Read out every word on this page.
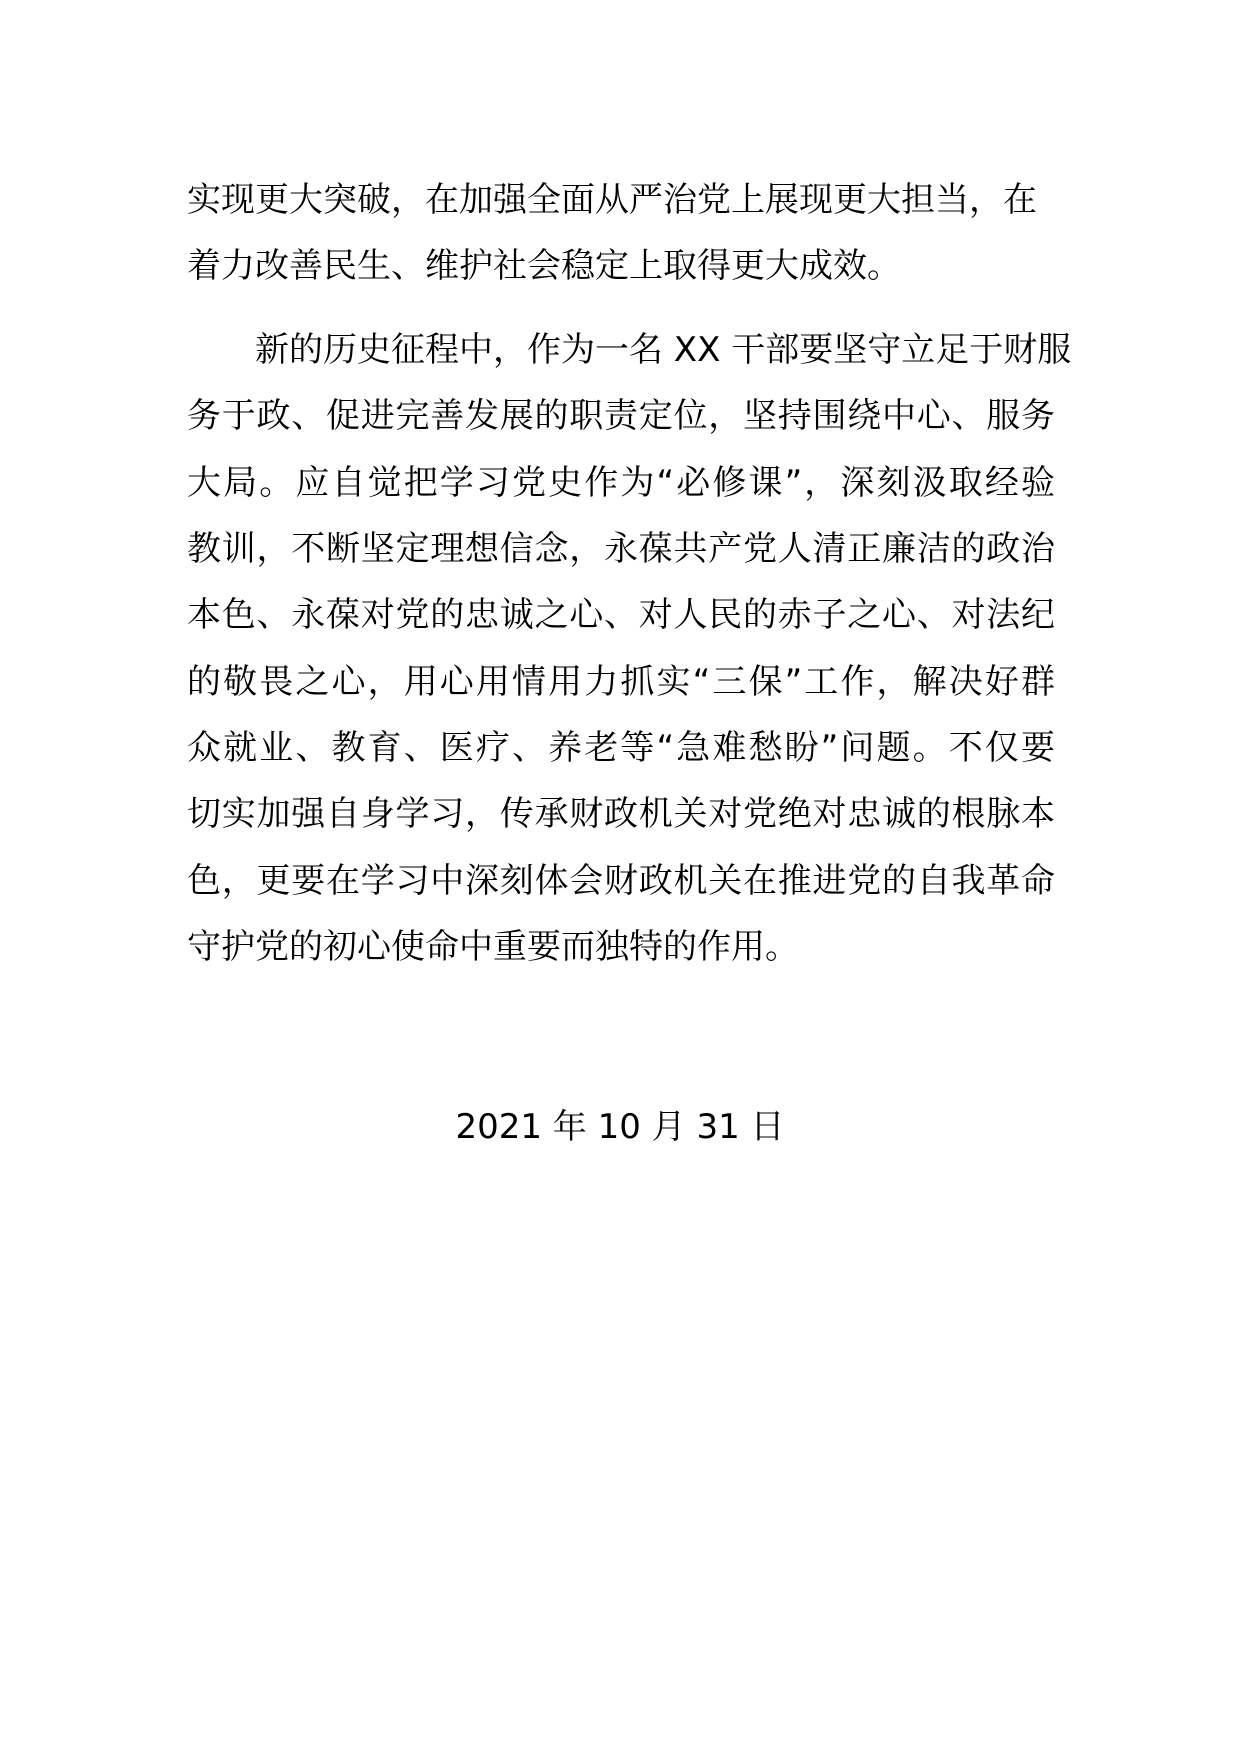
实现更大突破，在加强全面从严治党上展现更大担当，在
着力改善民生、维护社会稳定上取得更大成效。
新的历史征程中，作为一名 XX 干部要坚守立足于财服
务于政、促进完善发展的职责定位，坚持围绕中心、服务
大局。应自觉把学习党史作为“必修课”，深刻汲取经验
教训，不断坚定理想信念，永葆共产党人清正廉洁的政治
本色、永葆对党的忠诚之心、对人民的赤子之心、对法纪
的敬畏之心，用心用情用力抓实“三保”工作，解决好群
众就业、教育、医疗、养老等“急难愁盼”问题。不仅要
切实加强自身学习，传承财政机关对党绝对忠诚的根脉本
色，更要在学习中深刻体会财政机关在推进党的自我革命
守护党的初心使命中重要而独特的作用。
2021 年 10 月 31 日
